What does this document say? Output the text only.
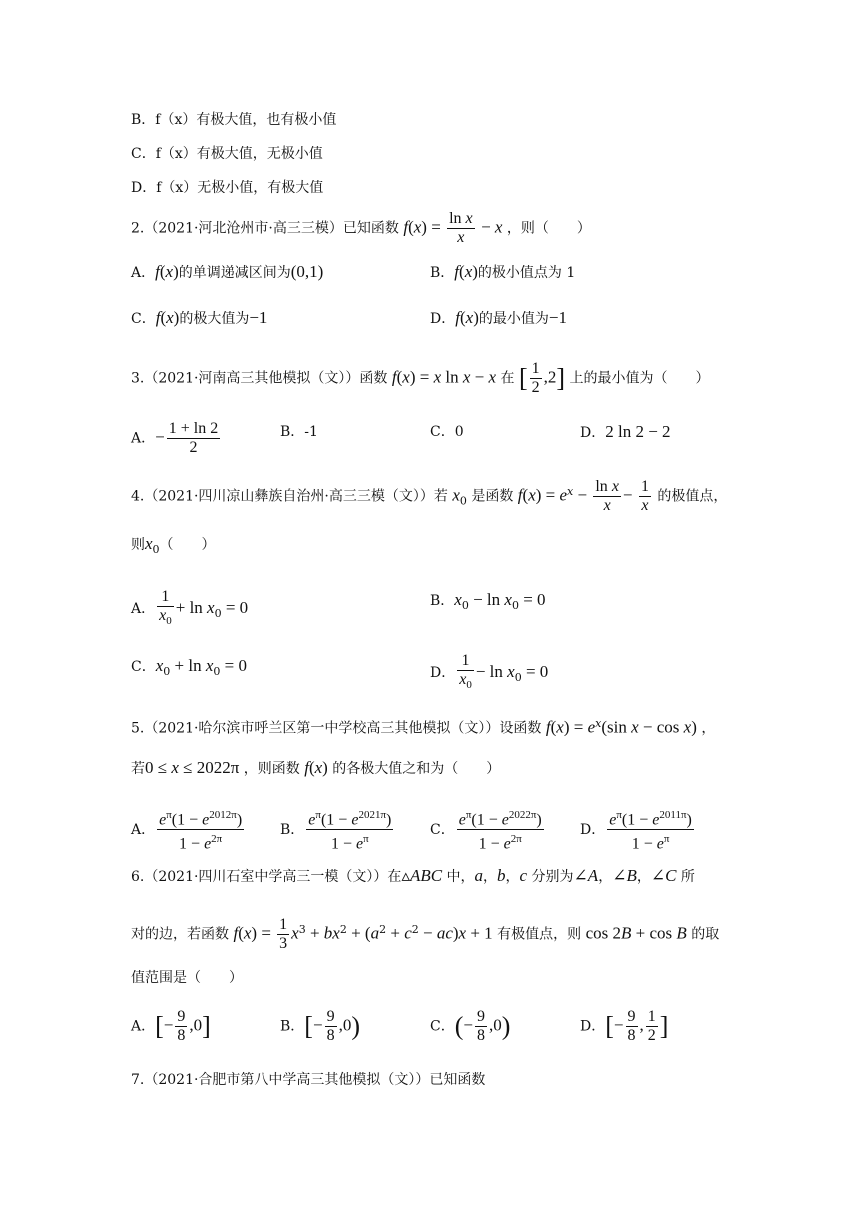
B．f（x）有极大值，也有极小值
C．f（x）有极大值，无极小值
D．f（x）无极小值，有极大值
2.（2021·河北沧州市·高三三模）已知函数 $f(x) = \frac{\text{ln x}}{x} - x$ ，则（　　）
A．f(x)的单调递减区间为(0,1)	B．f(x)的极小值点为 1
C．f(x)的极大值为−1	D．f(x)的最小值为−1
3.（2021·河南高三其他模拟（文））函数 f(x) = x ln x − x 在 [ $\frac{1}{2} ,2$] 上的最小值为（　　）
A．− $\frac{1 + \ln 2}{2}$	B．-1	C．0	D．2 ln 2 − 2
4.（2021·四川凉山彝族自治州·高三三模（文））若 $x_0$ 是函数 $f(x) = e^x - \frac{\text{ln x}}{x} - \frac{1}{x}$ 的极值点，
则$x_0$（　　）
A． $\frac{1}{x_0} + \ln x_0 = 0$	B．$x_0 - \ln x_0 = 0$
C．$x_0 + \ln x_0 = 0$	D． $\frac{1}{x_0} - \ln x_0 = 0$
5.（2021·哈尔滨市呼兰区第一中学校高三其他模拟（文））设函数 $f(x) = e^x(\sin$ x − cos x) ，
若0 ≤ x ≤ 2022π ，则函数 f(x) 的各极大值之和为（　　）
A． $\frac{e^\pi(1 - e^{2012\pi})}{1 - e^{2\pi}}$	B． $\frac{e^\pi(1 - e^{2021\pi})}{1 - e^\pi}$	C． $\frac{e^\pi(1 - e^{2022\pi})}{1 - e^{2\pi}}$	D． $\frac{e^\pi(1 - e^{2011\pi})}{1 - e^\pi}$
6.（2021·四川石室中学高三一模（文））在▵ABC 中，a，b，c 分别为∠A，∠B，∠C 所
对的边，若函数 $f(x) = \frac{1}{3} x^3 + bx^2 + (a^2 + c^2 - ac)x + 1$ 有极值点，则 cos 2B + cos B 的取
值范围是（　　）
A．[− $\frac{9}{8} ,0$]	B．[− $\frac{9}{8} ,0$)	C．(− $\frac{9}{8} ,0$)	D．[− $\frac{9}{8}$ , $\frac{1}{2}$ ]
7.（2021·合肥市第八中学高三其他模拟（文））已知函数
